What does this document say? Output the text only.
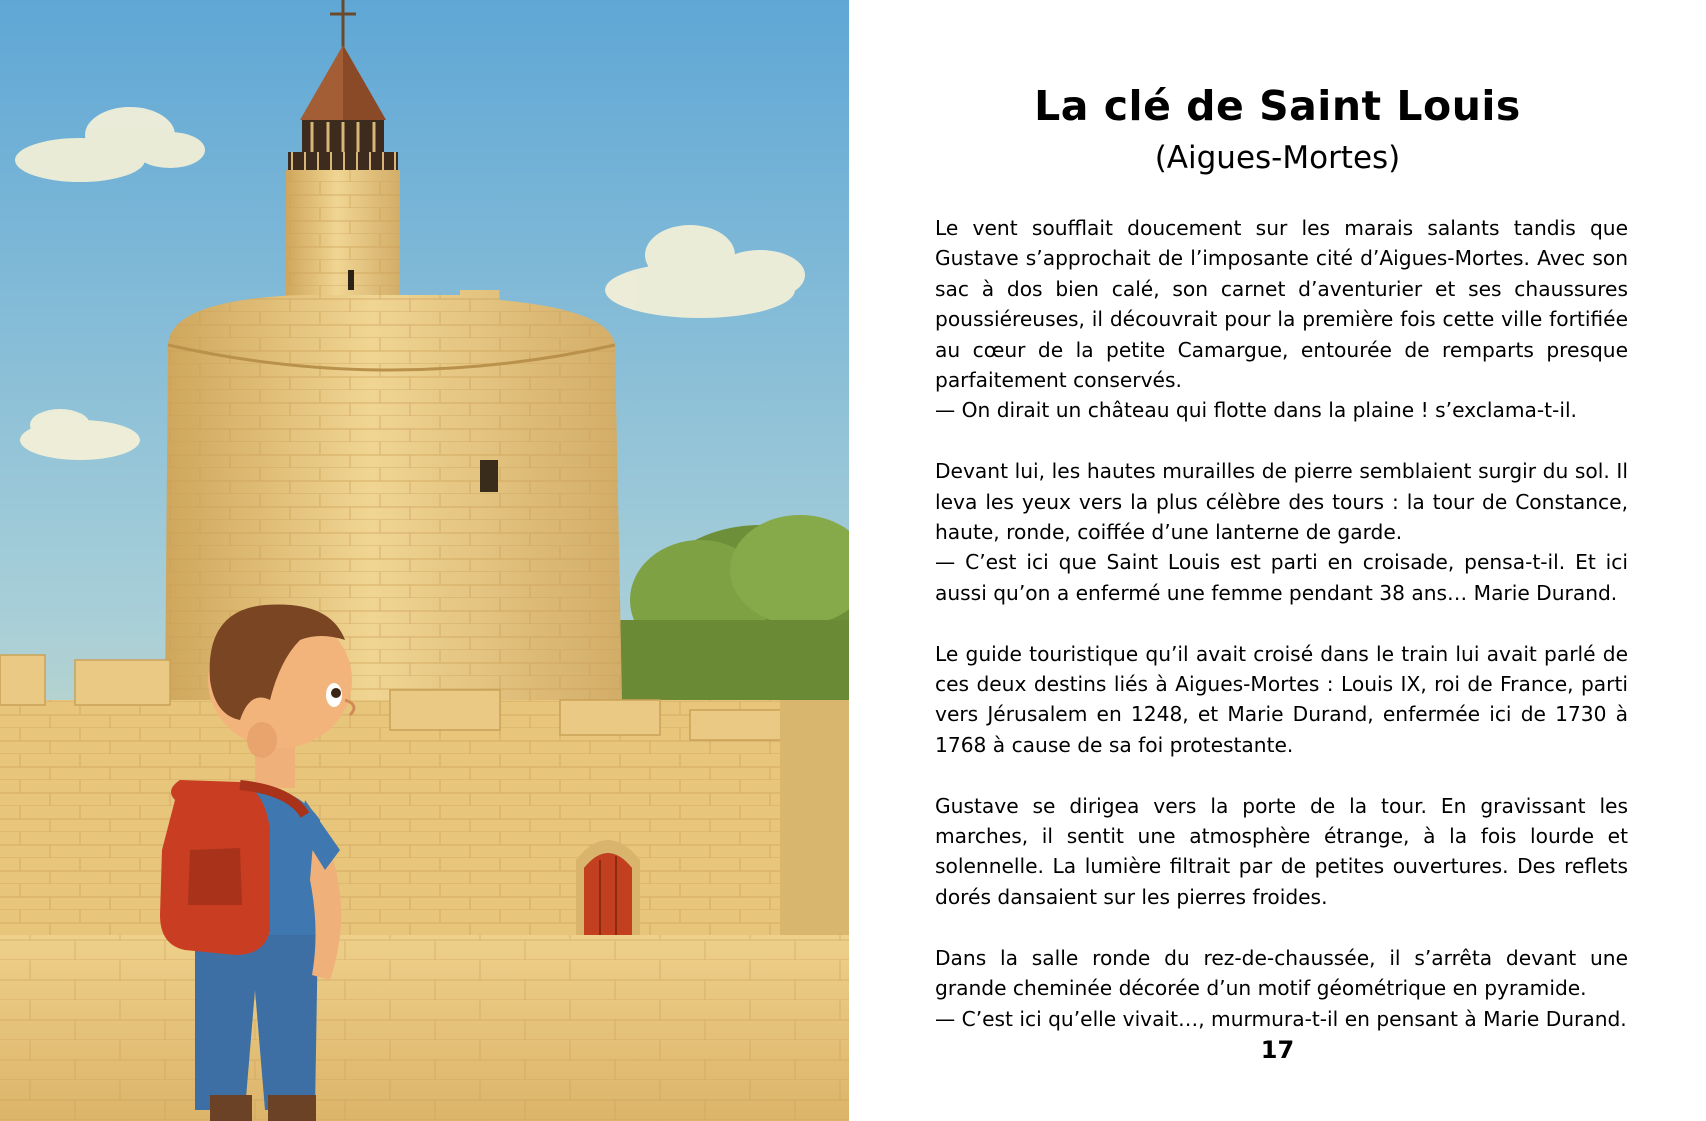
La clé de Saint Louis
(Aigues-Mortes)

Le vent soufflait doucement sur les marais salants tandis que Gustave s’approchait de l’imposante cité d’Aigues-Mortes. Avec son sac à dos bien calé, son carnet d’aventurier et ses chaussures poussiéreuses, il découvrait pour la première fois cette ville fortifiée au cœur de la petite Camargue, entourée de remparts presque parfaitement conservés.
— On dirait un château qui flotte dans la plaine ! s’exclama-t-il.

Devant lui, les hautes murailles de pierre semblaient surgir du sol. Il leva les yeux vers la plus célèbre des tours : la tour de Constance, haute, ronde, coiffée d’une lanterne de garde.
— C’est ici que Saint Louis est parti en croisade, pensa-t-il. Et ici aussi qu’on a enfermé une femme pendant 38 ans… Marie Durand.

Le guide touristique qu’il avait croisé dans le train lui avait parlé de ces deux destins liés à Aigues-Mortes : Louis IX, roi de France, parti vers Jérusalem en 1248, et Marie Durand, enfermée ici de 1730 à 1768 à cause de sa foi protestante.

Gustave se dirigea vers la porte de la tour. En gravissant les marches, il sentit une atmosphère étrange, à la fois lourde et solennelle. La lumière filtrait par de petites ouvertures. Des reflets dorés dansaient sur les pierres froides.

Dans la salle ronde du rez-de-chaussée, il s’arrêta devant une grande cheminée décorée d’un motif géométrique en pyramide.
— C’est ici qu’elle vivait…, murmura-t-il en pensant à Marie Durand.

17
